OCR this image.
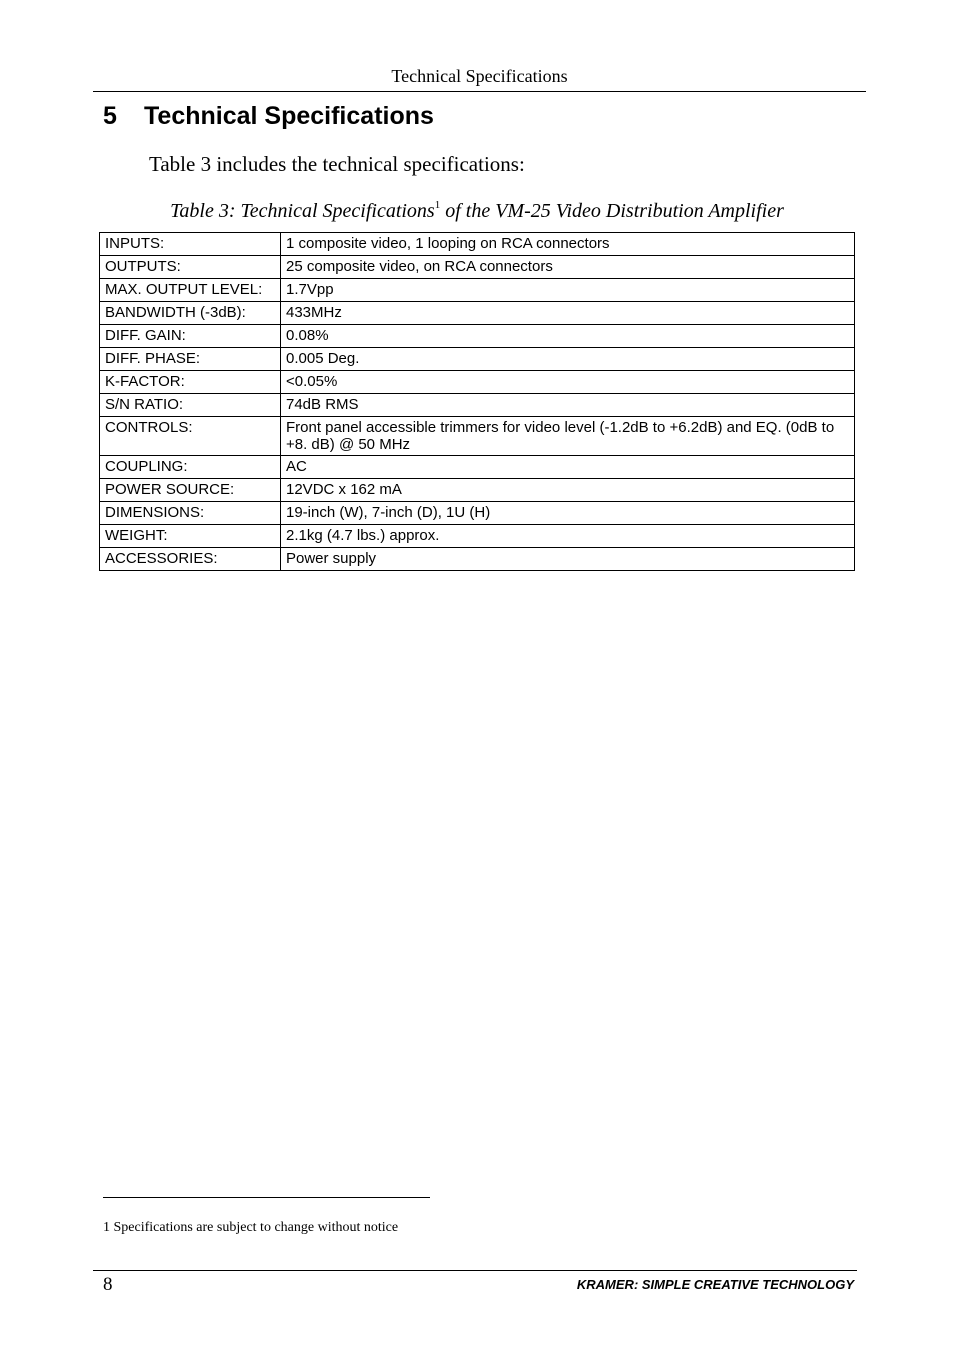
Technical Specifications
5 Technical Specifications
Table 3 includes the technical specifications:
Table 3: Technical Specifications$^1$ of the VM-25 Video Distribution Amplifier
INPUTS:	1 composite video, 1 looping on RCA connectors
OUTPUTS:	25 composite video, on RCA connectors
MAX. OUTPUT LEVEL:	1.7Vpp
BANDWIDTH (-3dB):	433MHz
DIFF. GAIN:	0.08%
DIFF. PHASE:	0.005 Deg.
K-FACTOR:	<0.05%
S/N RATIO:	74dB RMS
CONTROLS:	Front panel accessible trimmers for video level (-1.2dB to +6.2dB) and EQ. (0dB to +8. dB) @ 50 MHz
COUPLING:	AC
POWER SOURCE:	12VDC x 162 mA
DIMENSIONS:	19-inch (W), 7-inch (D), 1U (H)
WEIGHT:	2.1kg (4.7 lbs.) approx.
ACCESSORIES:	Power supply
1 Specifications are subject to change without notice
8	KRAMER: SIMPLE CREATIVE TECHNOLOGY
